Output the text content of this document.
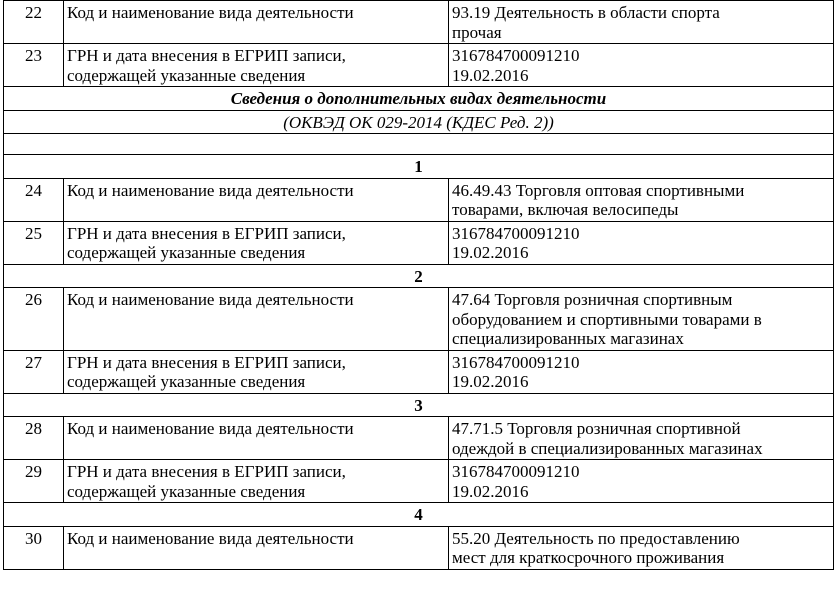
22	Код и наименование вида деятельности	93.19 Деятельность в области спорта
прочая
23	ГРН и дата внесения в ЕГРИП записи,
содержащей указанные сведения	316784700091210
19.02.2016
Сведения о дополнительных видах деятельности		
(ОКВЭД ОК 029-2014 (КДЕС Ред. 2))		

1		
24	Код и наименование вида деятельности	46.49.43 Торговля оптовая спортивными
товарами, включая велосипеды
25	ГРН и дата внесения в ЕГРИП записи,
содержащей указанные сведения	316784700091210
19.02.2016
2		
26	Код и наименование вида деятельности	47.64 Торговля розничная спортивным
оборудованием и спортивными товарами в
специализированных магазинах
27	ГРН и дата внесения в ЕГРИП записи,
содержащей указанные сведения	316784700091210
19.02.2016
3		
28	Код и наименование вида деятельности	47.71.5 Торговля розничная спортивной
одеждой в специализированных магазинах
29	ГРН и дата внесения в ЕГРИП записи,
содержащей указанные сведения	316784700091210
19.02.2016
4		
30	Код и наименование вида деятельности	55.20 Деятельность по предоставлению
мест для краткосрочного проживания
